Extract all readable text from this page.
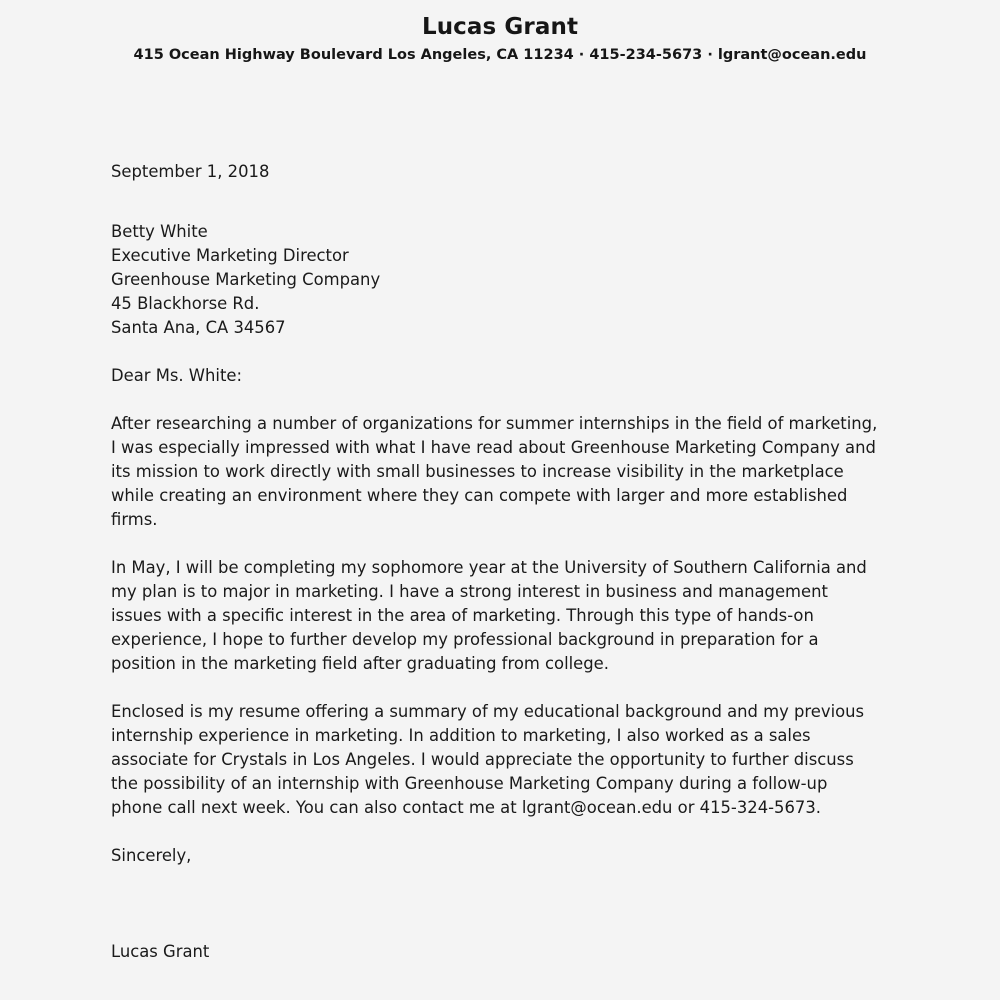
Lucas Grant
415 Ocean Highway Boulevard Los Angeles, CA 11234 · 415-234-5673 · lgrant@ocean.edu

September 1, 2018

Betty White
Executive Marketing Director
Greenhouse Marketing Company
45 Blackhorse Rd.
Santa Ana, CA 34567

Dear Ms. White:

After researching a number of organizations for summer internships in the field of marketing, I was especially impressed with what I have read about Greenhouse Marketing Company and its mission to work directly with small businesses to increase visibility in the marketplace while creating an environment where they can compete with larger and more established firms.

In May, I will be completing my sophomore year at the University of Southern California and my plan is to major in marketing. I have a strong interest in business and management issues with a specific interest in the area of marketing. Through this type of hands-on experience, I hope to further develop my professional background in preparation for a position in the marketing field after graduating from college.

Enclosed is my resume offering a summary of my educational background and my previous internship experience in marketing. In addition to marketing, I also worked as a sales associate for Crystals in Los Angeles. I would appreciate the opportunity to further discuss the possibility of an internship with Greenhouse Marketing Company during a follow-up phone call next week. You can also contact me at lgrant@ocean.edu or 415-324-5673.

Sincerely,

Lucas Grant
